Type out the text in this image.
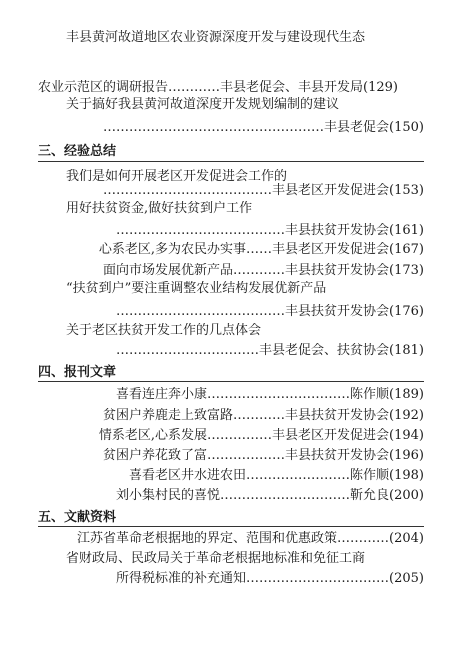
丰县黄河故道地区农业资源深度开发与建设现代生态
农业示范区的调研报告…………丰县老促会、丰县开发局(129)
关于搞好我县黄河故道深度开发规划编制的建议
……………………………………………丰县老促会(150)
三、经验总结
我们是如何开展老区开发促进会工作的
…………………………………丰县老区开发促进会(153)
用好扶贫资金,做好扶贫到户工作
…………………………………丰县扶贫开发协会(161)
心系老区,多为农民办实事……丰县老区开发促进会(167)
面向市场发展优新产品…………丰县扶贫开发协会(173)
“扶贫到户”要注重调整农业结构发展优新产品
…………………………………丰县扶贫开发协会(176)
关于老区扶贫开发工作的几点体会
……………………………丰县老促会、扶贫协会(181)
四、报刊文章
喜看连庄奔小康……………………………陈作顺(189)
贫困户养鹿走上致富路…………丰县扶贫开发协会(192)
情系老区,心系发展……………丰县老区开发促进会(194)
贫困户养花致了富………………丰县扶贫开发协会(196)
喜看老区井水进农田……………………陈作顺(198)
刘小集村民的喜悦…………………………靳允良(200)
五、文献资料
江苏省革命老根据地的界定、范围和优惠政策…………(204)
省财政局、民政局关于革命老根据地标准和免征工商
所得税标准的补充通知……………………………(205)
